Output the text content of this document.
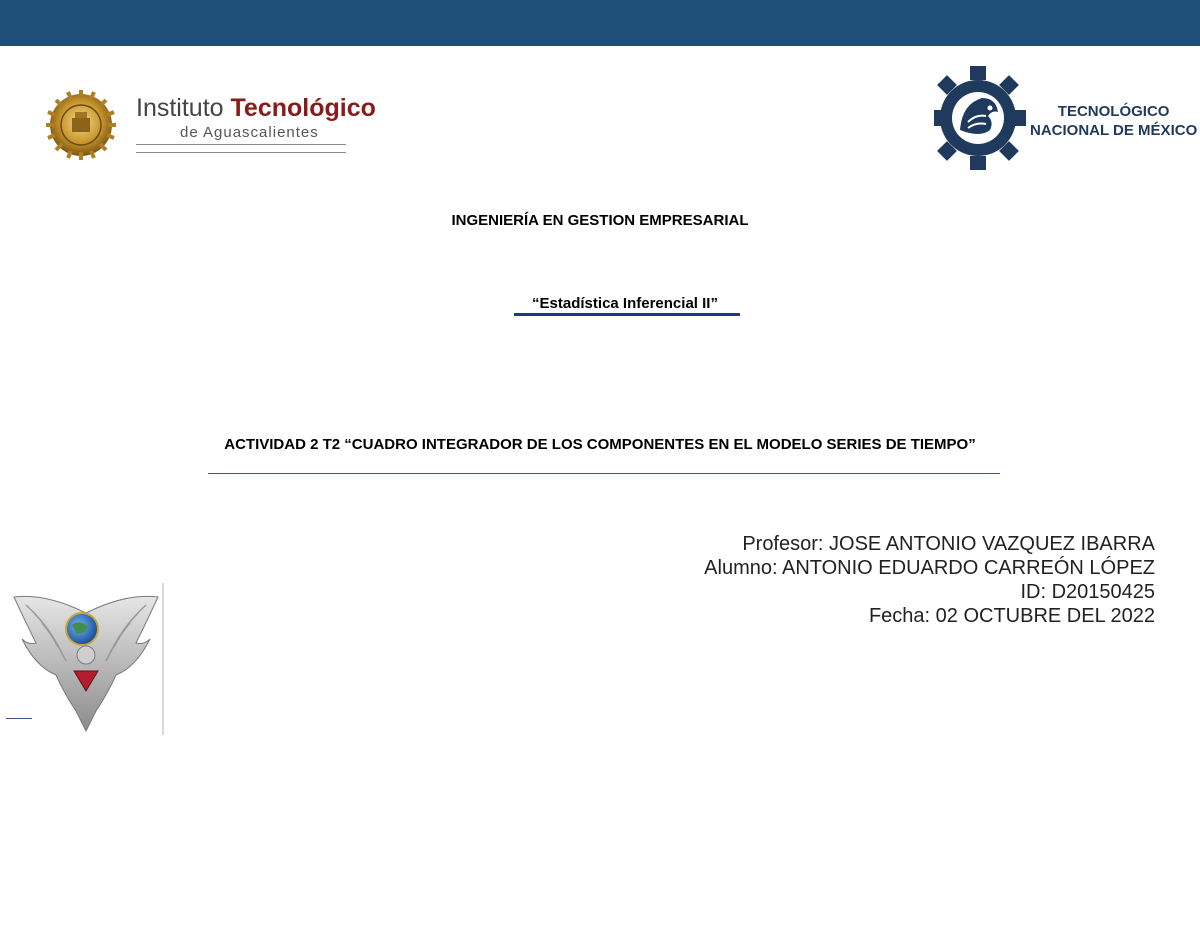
Instituto Tecnológico
de Aguascalientes
TECNOLÓGICO
NACIONAL DE MÉXICO
INGENIERÍA EN GESTION EMPRESARIAL
“Estadística Inferencial II”
ACTIVIDAD 2 T2 “CUADRO INTEGRADOR DE LOS COMPONENTES EN EL MODELO SERIES DE TIEMPO”
Profesor: JOSE ANTONIO VAZQUEZ IBARRA
Alumno: ANTONIO EDUARDO CARREÓN LÓPEZ
ID: D20150425
Fecha: 02 OCTUBRE DEL 2022
